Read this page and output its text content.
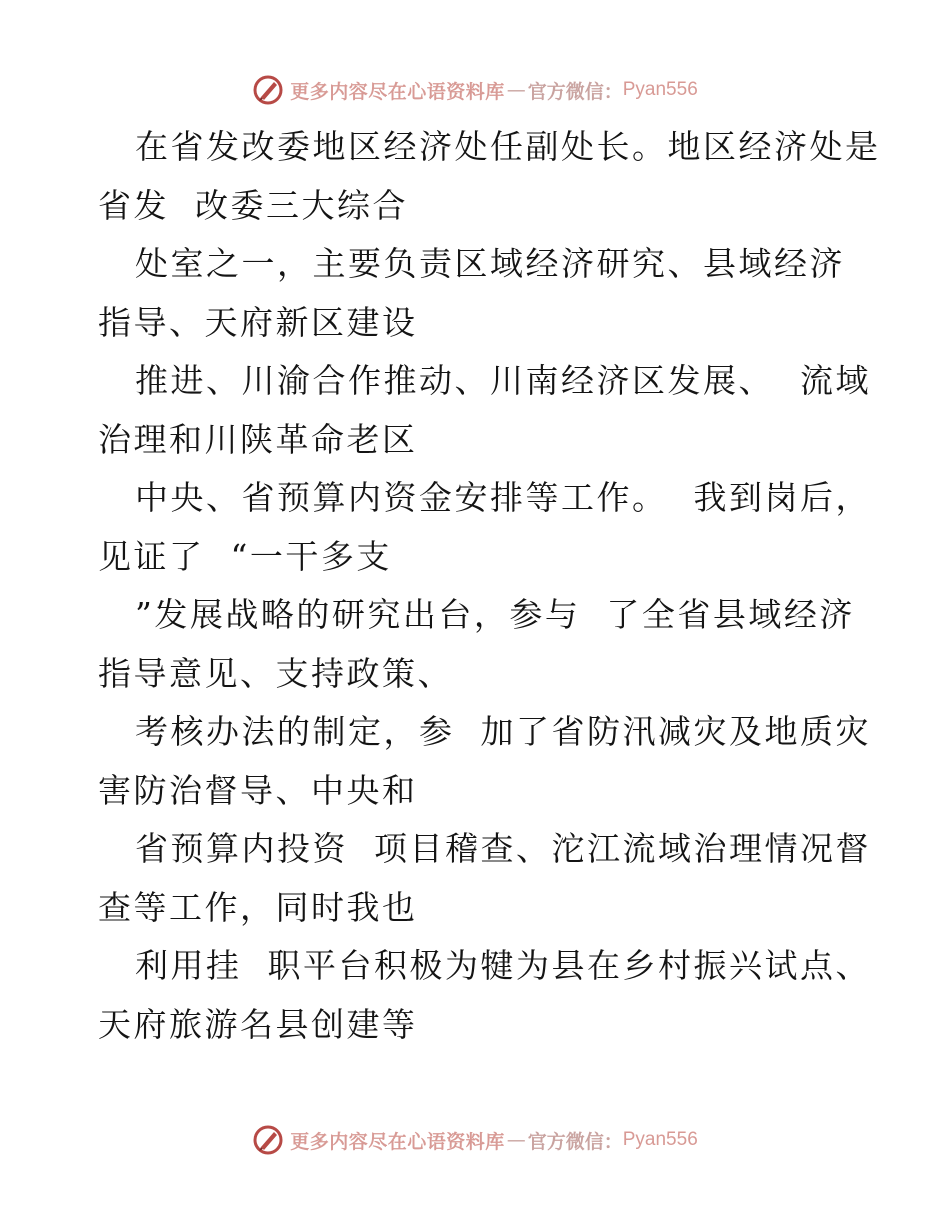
更多内容尽在心语资料库 — 官方微信： Pyan556
在省发改委地区经济处任副处长。地区经济处是
省发  改委三大综合
处室之一，主要负责区域经济研究、县域经济
指导、天府新区建设
推进、川渝合作推动、川南经济区发展、  流域
治理和川陕革命老区
中央、省预算内资金安排等工作。  我到岗后，
见证了  “一干多支
”发展战略的研究出台，参与  了全省县域经济
指导意见、支持政策、
考核办法的制定，参  加了省防汛减灾及地质灾
害防治督导、中央和
省预算内投资  项目稽查、沱江流域治理情况督
查等工作，同时我也
利用挂  职平台积极为犍为县在乡村振兴试点、
天府旅游名县创建等
更多内容尽在心语资料库 — 官方微信： Pyan556
